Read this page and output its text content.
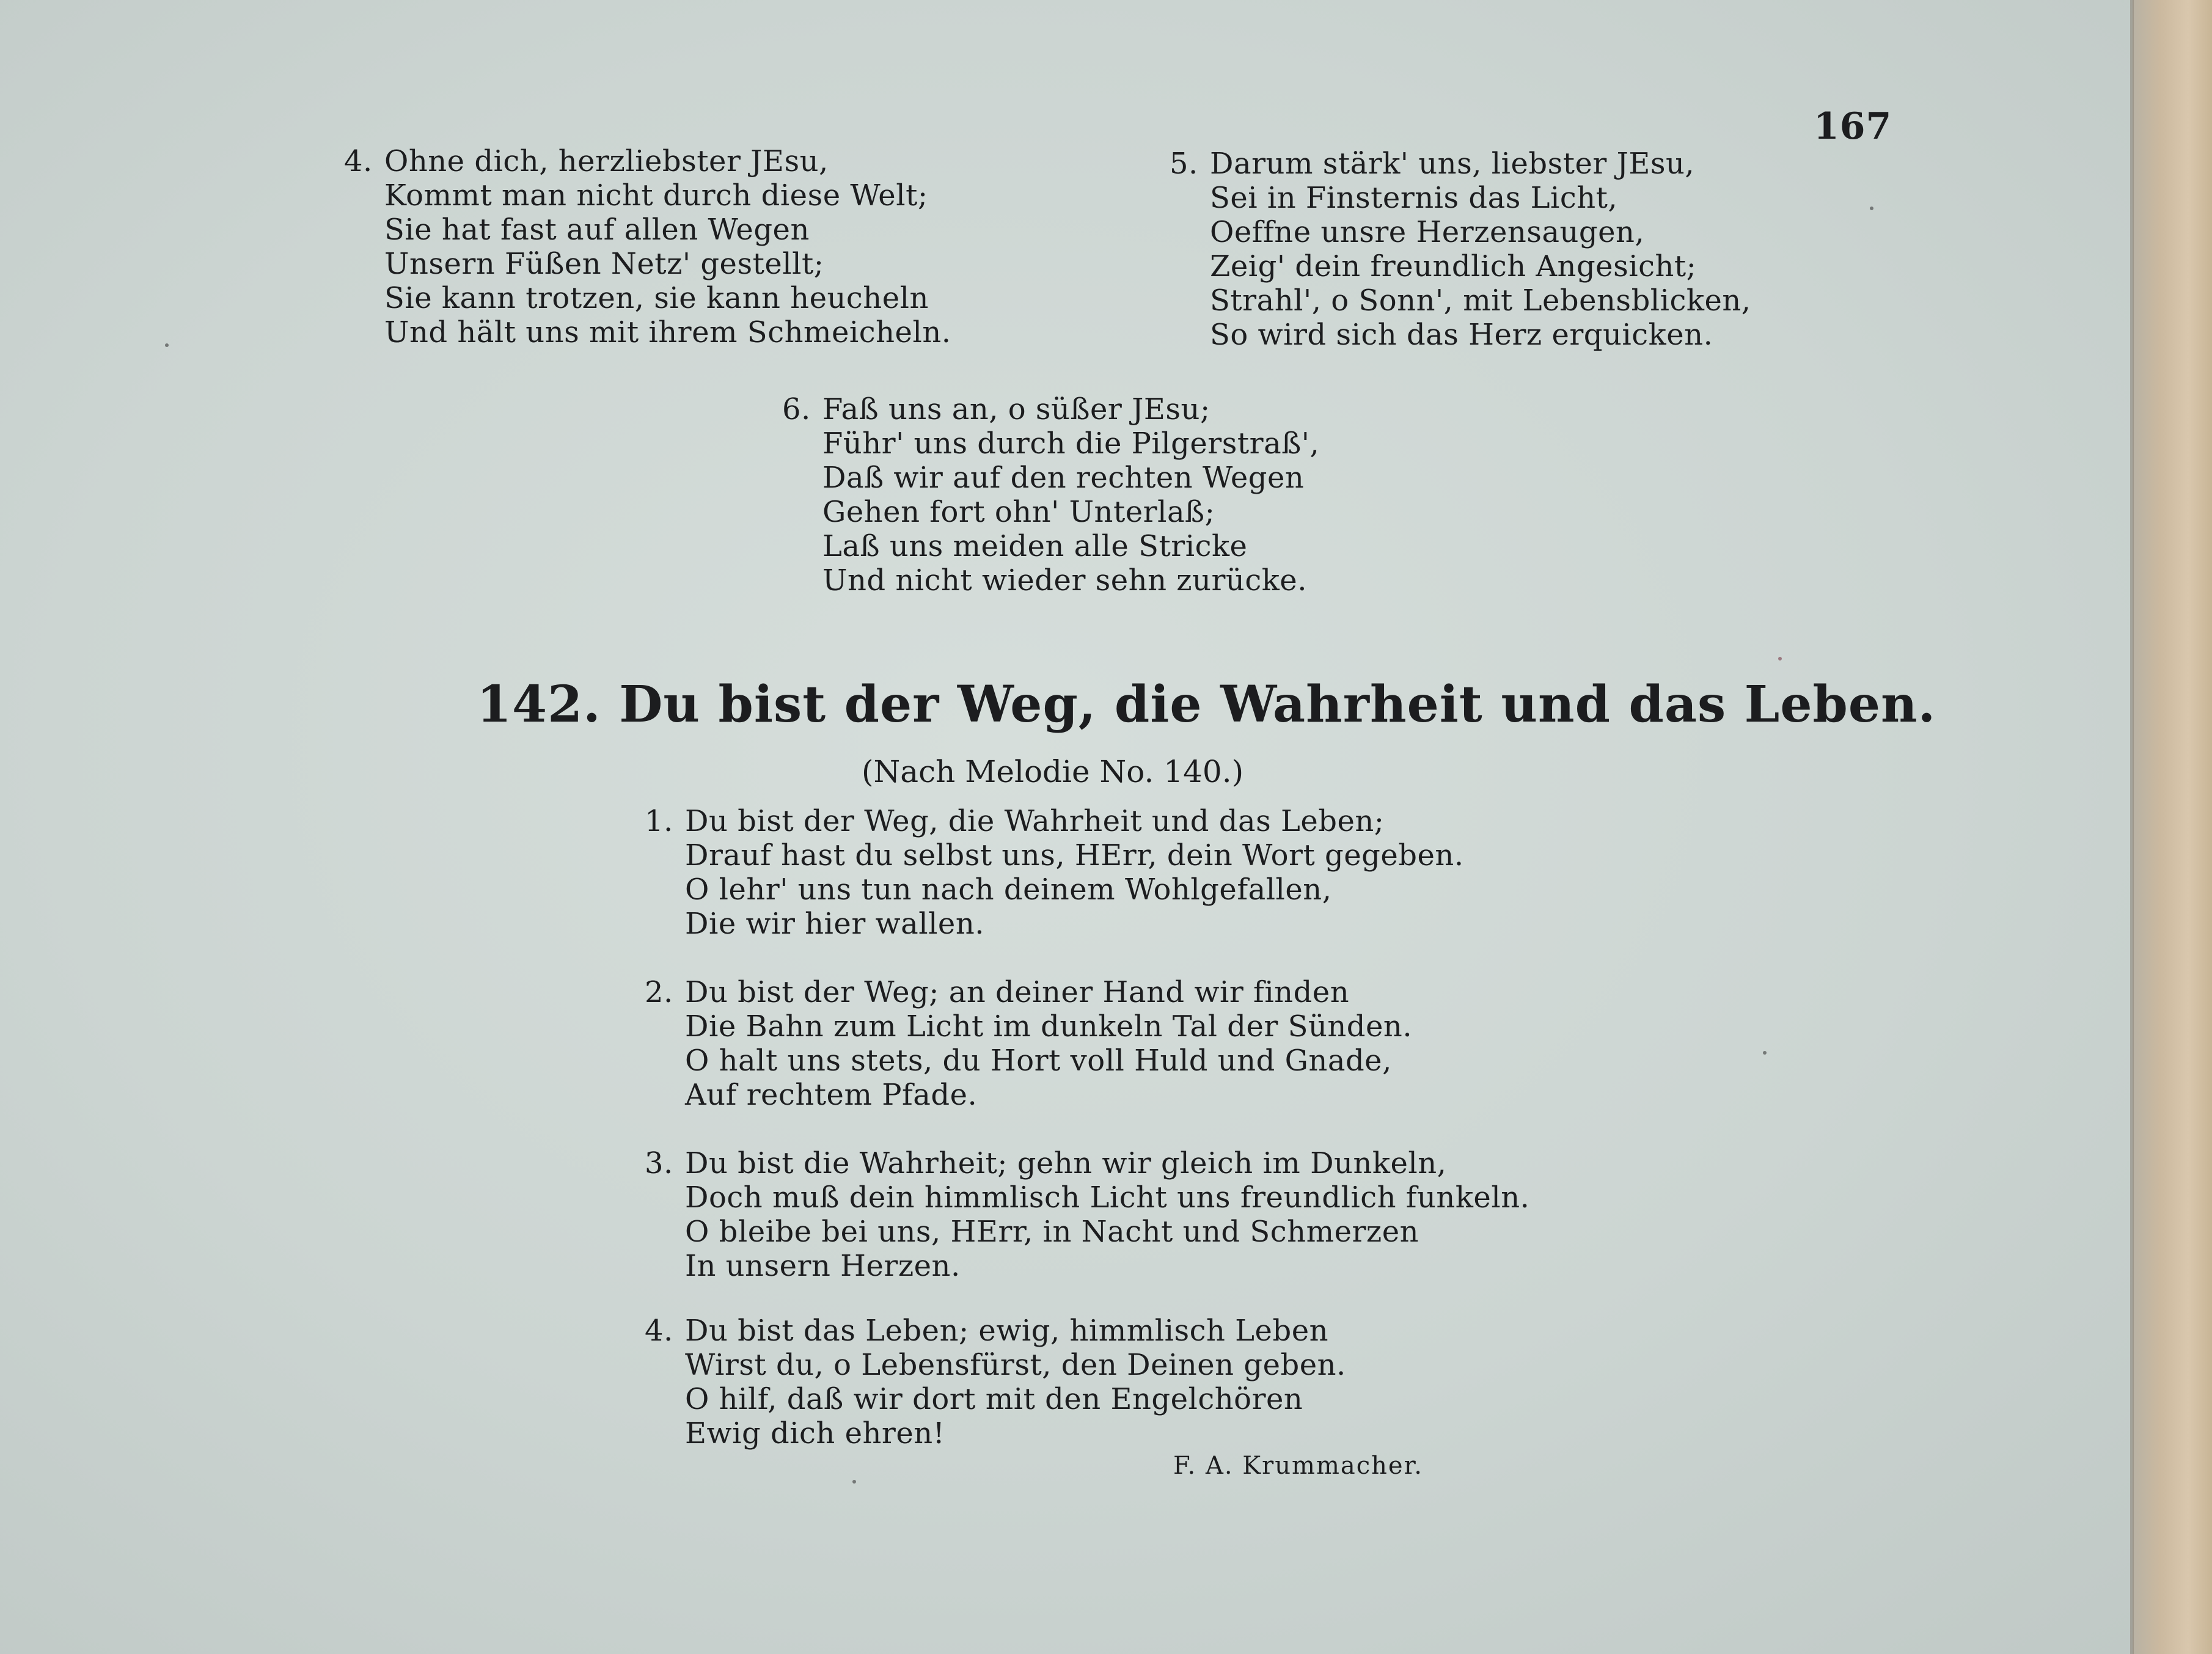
167
4. Ohne dich, herzliebster JEsu,
Kommt man nicht durch diese Welt;
Sie hat fast auf allen Wegen
Unsern Füßen Netz' gestellt;
Sie kann trotzen, sie kann heucheln
Und hält uns mit ihrem Schmeicheln.
5. Darum stärk' uns, liebster JEsu,
Sei in Finsternis das Licht,
Oeffne unsre Herzensaugen,
Zeig' dein freundlich Angesicht;
Strahl', o Sonn', mit Lebensblicken,
So wird sich das Herz erquicken.
6. Faß uns an, o süßer JEsu;
Führ' uns durch die Pilgerstraß',
Daß wir auf den rechten Wegen
Gehen fort ohn' Unterlaß;
Laß uns meiden alle Stricke
Und nicht wieder sehn zurücke.
142. Du bist der Weg, die Wahrheit und das Leben.
(Nach Melodie No. 140.)
1. Du bist der Weg, die Wahrheit und das Leben;
Drauf hast du selbst uns, HErr, dein Wort gegeben.
O lehr' uns tun nach deinem Wohlgefallen,
Die wir hier wallen.
2. Du bist der Weg; an deiner Hand wir finden
Die Bahn zum Licht im dunkeln Tal der Sünden.
O halt uns stets, du Hort voll Huld und Gnade,
Auf rechtem Pfade.
3. Du bist die Wahrheit; gehn wir gleich im Dunkeln,
Doch muß dein himmlisch Licht uns freundlich funkeln.
O bleibe bei uns, HErr, in Nacht und Schmerzen
In unsern Herzen.
4. Du bist das Leben; ewig, himmlisch Leben
Wirst du, o Lebensfürst, den Deinen geben.
O hilf, daß wir dort mit den Engelchören
Ewig dich ehren!
F. A. Krummacher.
